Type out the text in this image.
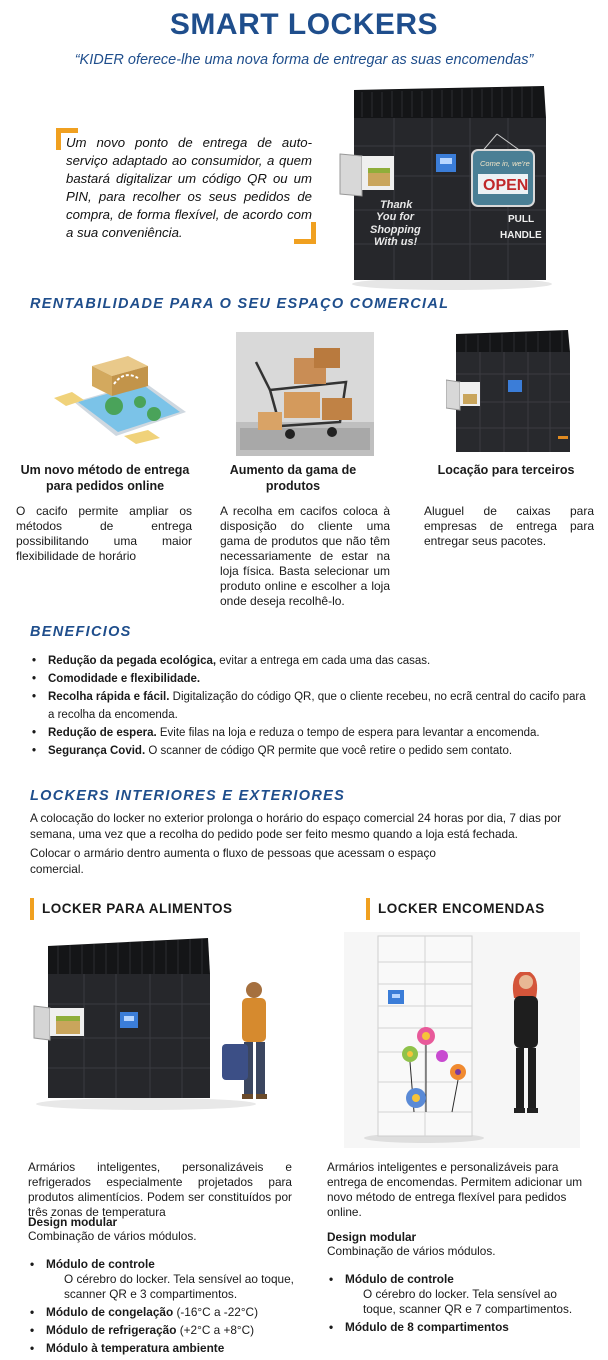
SMART LOCKERS
“KIDER oferece-lhe uma nova forma de entregar as suas encomendas”
Um novo ponto de entrega de auto-serviço adaptado ao consumidor, a quem bastará digitalizar um código QR ou um PIN, para recolher os seus pedidos de compra, de forma flexível, de acordo com a sua conveniência.
Thank
You for
Shopping
With us!
Come in, we're
OPEN
PULL
HANDLE
RENTABILIDADE PARA O SEU ESPAÇO COMERCIAL
Um novo método de entrega para pedidos online
Aumento da gama de produtos
Locação para terceiros
O cacifo permite ampliar os métodos de entrega possibilitando uma maior flexibilidade de horário
A recolha em cacifos coloca à disposição do cliente uma gama de produtos que não têm necessariamente de estar na loja física. Basta selecionar um produto online e escolher a loja onde deseja recolhê-lo.
Aluguel de caixas para empresas de entrega para entregar seus pacotes.
BENEFICIOS
• Redução da pegada ecológica, evitar a entrega em cada uma das casas.
• Comodidade e flexibilidade.
• Recolha rápida e fácil. Digitalização do código QR, que o cliente recebeu, no ecrã central do cacifo para a recolha da encomenda.
• Redução de espera. Evite filas na loja e reduza o tempo de espera para levantar a encomenda.
• Segurança Covid. O scanner de código QR permite que você retire o pedido sem contato.
LOCKERS INTERIORES E EXTERIORES
A colocação do locker no exterior prolonga o horário do espaço comercial 24 horas por dia, 7 dias por semana, uma vez que a recolha do pedido pode ser feito mesmo quando a loja está fechada.
Colocar o armário dentro aumenta o fluxo de pessoas que acessam o espaço comercial.
LOCKER PARA ALIMENTOS	LOCKER ENCOMENDAS
Armários inteligentes, personalizáveis e refrigerados especialmente projetados para produtos alimentícios. Podem ser constituídos por três zonas de temperatura
Design modular
Combinação de vários módulos.
• Módulo de controle
O cérebro do locker. Tela sensível ao toque, scanner QR e 3 compartimentos.
• Módulo de congelação (-16°C a -22°C)
• Módulo de refrigeração (+2°C a +8°C)
• Módulo à temperatura ambiente
Armários inteligentes e personalizáveis para entrega de encomendas. Permitem adicionar um novo método de entrega flexível para pedidos online.
Design modular
Combinação de vários módulos.
• Módulo de controle
O cérebro do locker. Tela sensível ao toque, scanner QR e 7 compartimentos.
• Módulo de 8 compartimentos
